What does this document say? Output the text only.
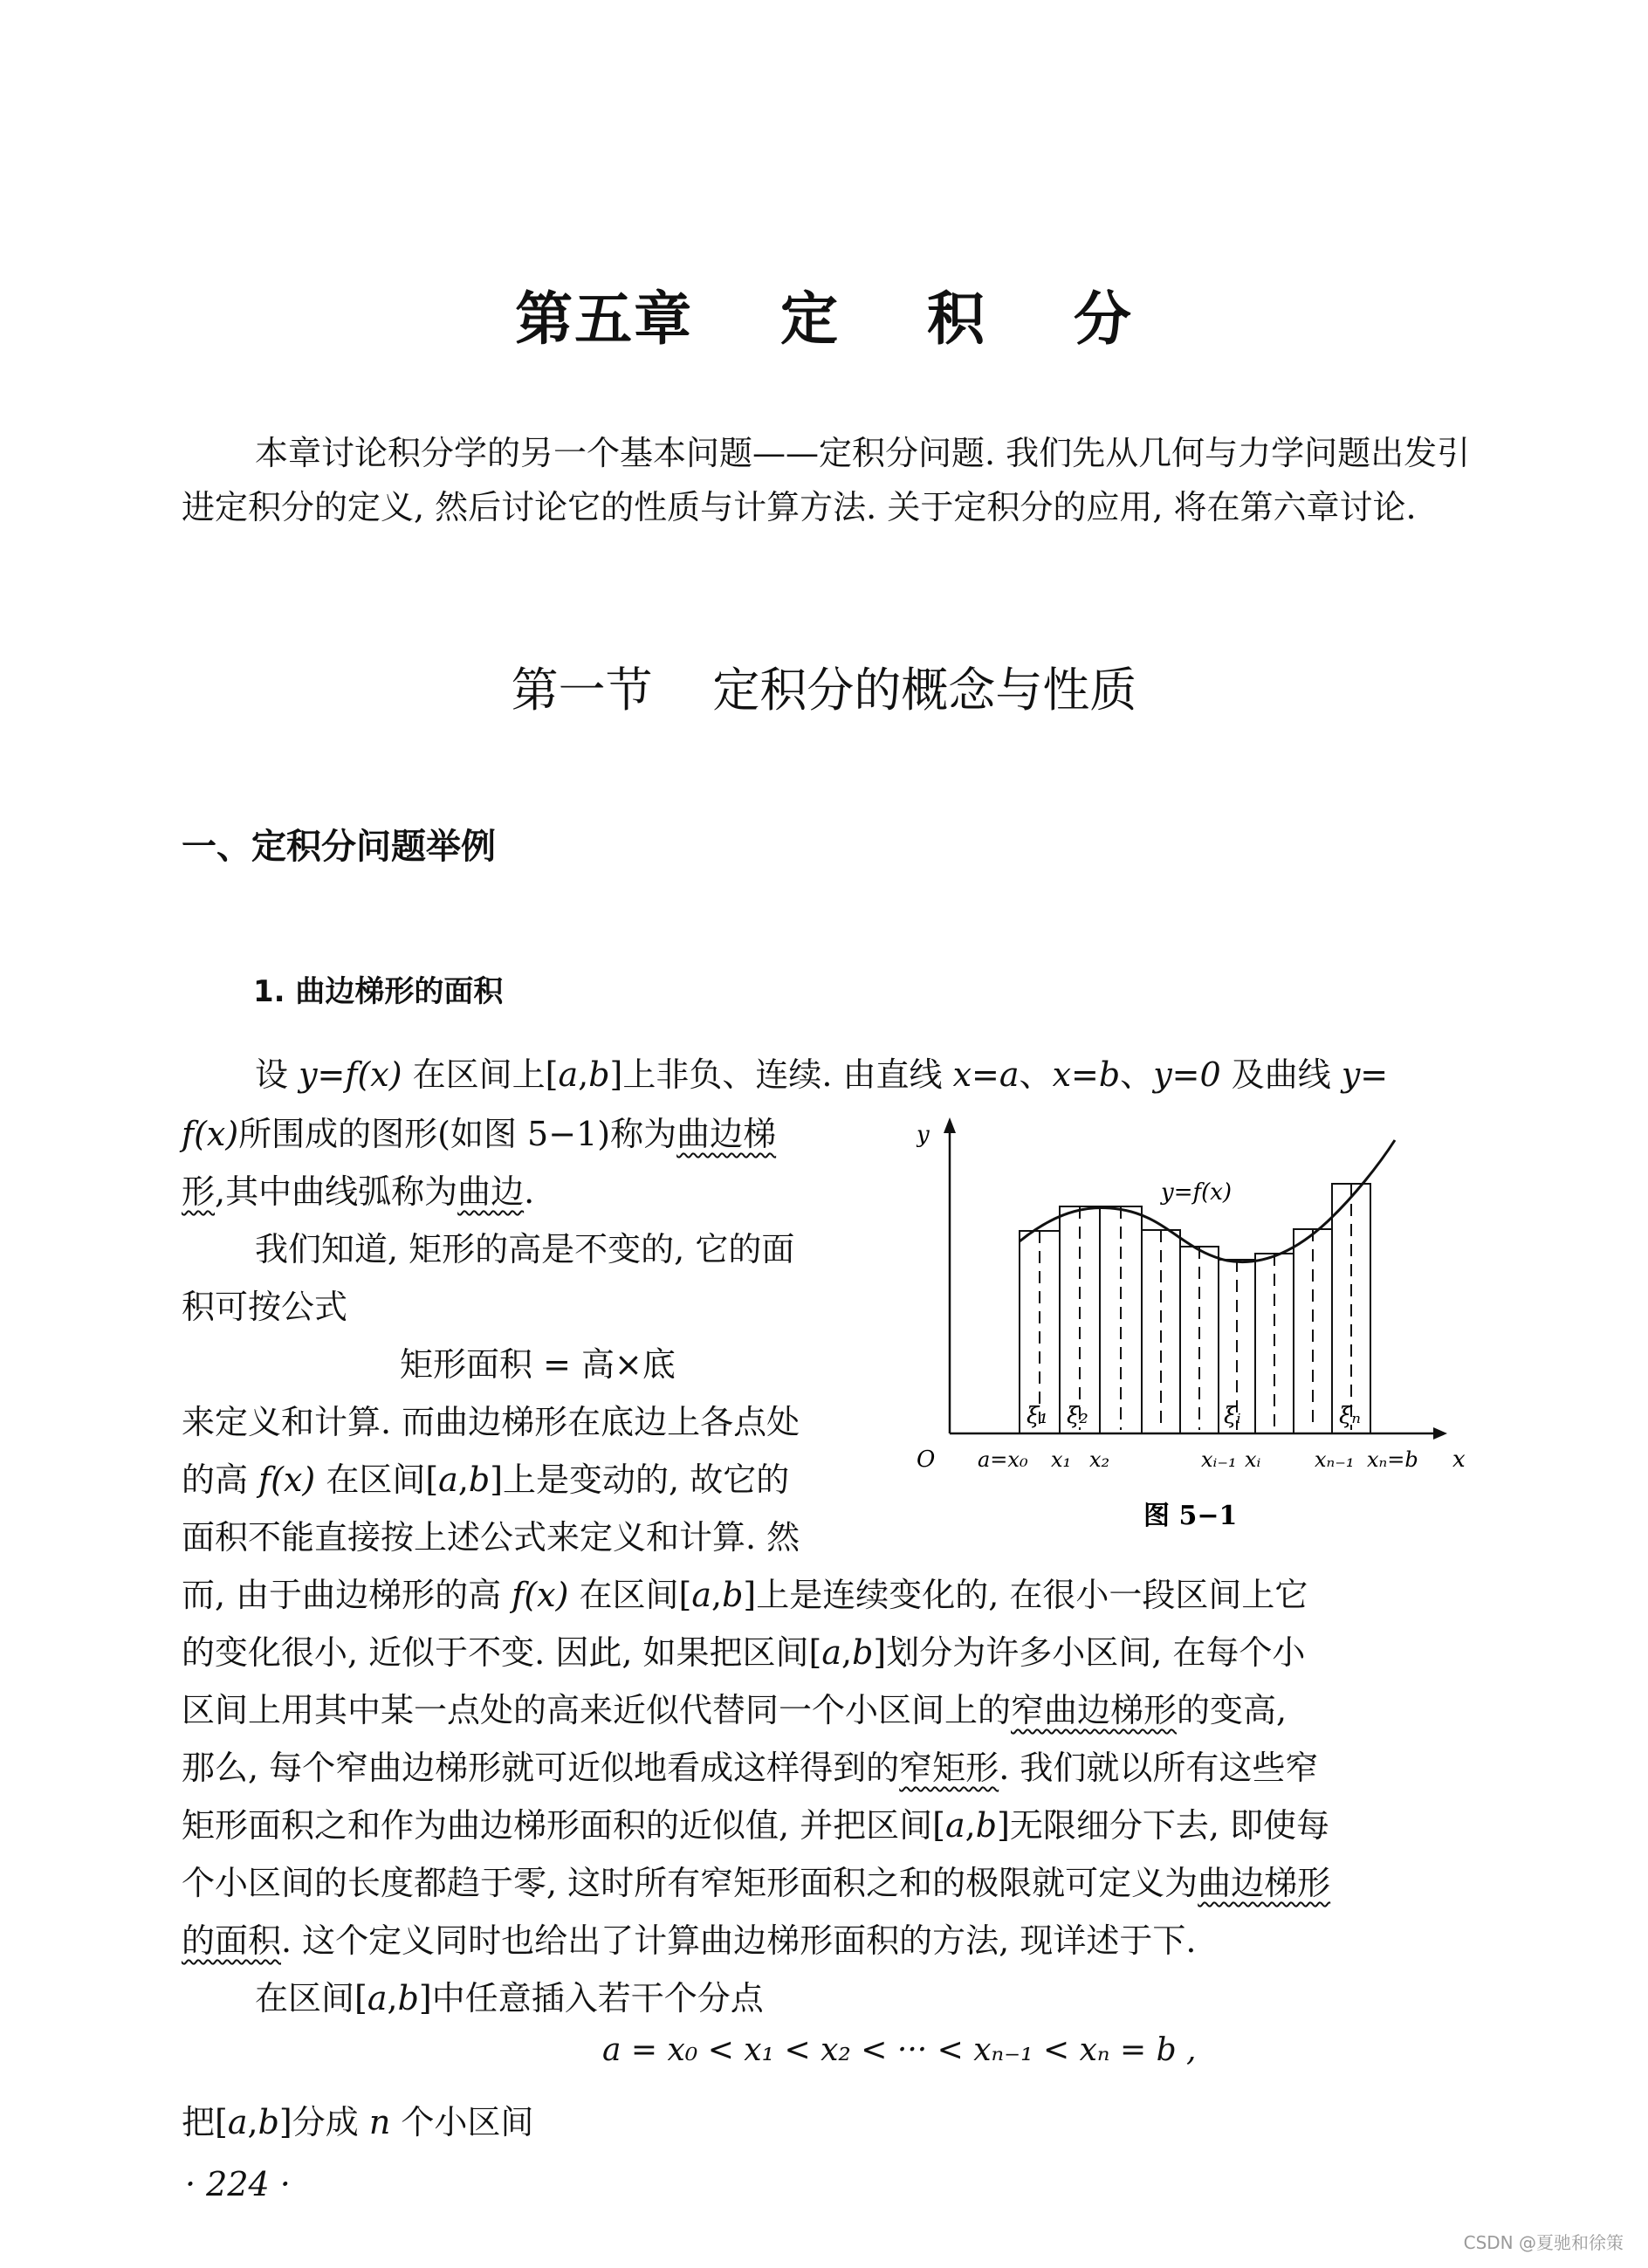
第五章    定    积    分
本章讨论积分学的另一个基本问题——定积分问题. 我们先从几何与力学问题出发引进定积分的定义, 然后讨论它的性质与计算方法. 关于定积分的应用, 将在第六章讨论.
第一节    定积分的概念与性质
一、定积分问题举例
1. 曲边梯形的面积
设 y=f(x) 在区间上[a,b]上非负、连续. 由直线 x=a、x=b、y=0 及曲线 y=
f(x)所围成的图形(如图 5−1)称为曲边梯
形,其中曲线弧称为曲边.
我们知道, 矩形的高是不变的, 它的面
积可按公式
矩形面积 = 高×底
来定义和计算. 而曲边梯形在底边上各点处
的高 f(x) 在区间[a,b]上是变动的, 故它的
面积不能直接按上述公式来定义和计算. 然
而, 由于曲边梯形的高 f(x) 在区间[a,b]上是连续变化的, 在很小一段区间上它
的变化很小, 近似于不变. 因此, 如果把区间[a,b]划分为许多小区间, 在每个小
区间上用其中某一点处的高来近似代替同一个小区间上的窄曲边梯形的变高,
那么, 每个窄曲边梯形就可近似地看成这样得到的窄矩形. 我们就以所有这些窄
矩形面积之和作为曲边梯形面积的近似值, 并把区间[a,b]无限细分下去, 即使每
个小区间的长度都趋于零, 这时所有窄矩形面积之和的极限就可定义为曲边梯形
的面积. 这个定义同时也给出了计算曲边梯形面积的方法, 现详述于下.
在区间[a,b]中任意插入若干个分点
a = x₀ < x₁ < x₂ < ··· < xₙ₋₁ < xₙ = b ,
把[a,b]分成 n 个小区间
y
x
O
y=f(x)
a=x₀ x₁ x₂	xᵢ₋₁ xᵢ	xₙ₋₁ xₙ=b
ξ₁ ξ₂	ξᵢ	ξₙ
图 5−1
· 224 ·
CSDN @夏驰和徐策
